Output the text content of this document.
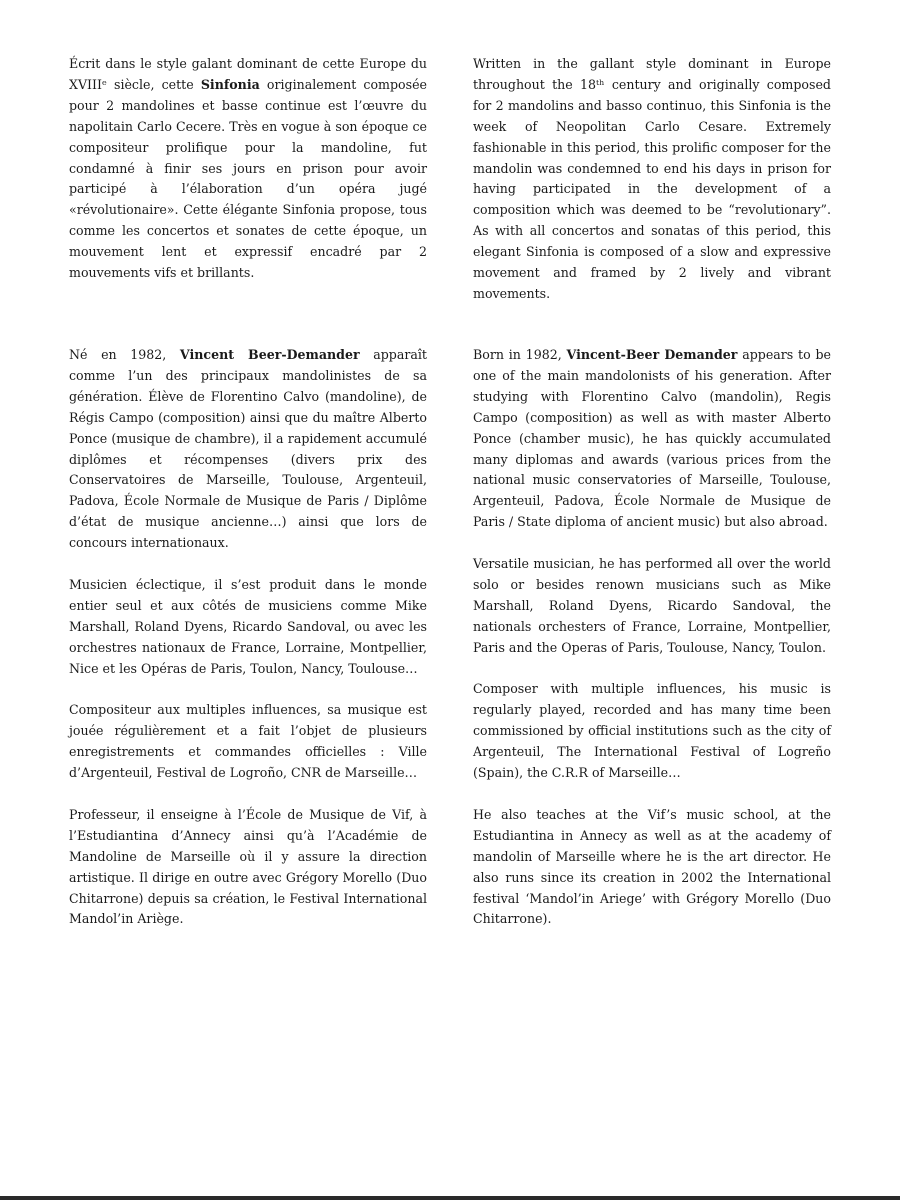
Écrit dans le style galant dominant de cette Europe du XVIIIᵉ siècle, cette Sinfonia originalement composée pour 2 mandolines et basse continue est l’œuvre du napolitain Carlo Cecere. Très en vogue à son époque ce compositeur prolifique pour la mandoline, fut condamné à finir ses jours en prison pour avoir participé à l’élaboration d’un opéra jugé «révolutionaire». Cette élégante Sinfonia propose, tous comme les concertos et sonates de cette époque, un mouvement lent et expressif encadré par 2 mouvements vifs et brillants.

Né en 1982, Vincent Beer-Demander apparaît comme l’un des principaux mandolinistes de sa génération. Élève de Florentino Calvo (mandoline), de Régis Campo (composition) ainsi que du maître Alberto Ponce (musique de chambre), il a rapidement accumulé diplômes et récompenses (divers prix des Conservatoires de Marseille, Toulouse, Argenteuil, Padova, École Normale de Musique de Paris / Diplôme d’état de musique ancienne…) ainsi que lors de concours internationaux.

Musicien éclectique, il s’est produit dans le monde entier seul et aux côtés de musiciens comme Mike Marshall, Roland Dyens, Ricardo Sandoval, ou avec les orchestres nationaux de France, Lorraine, Montpellier, Nice et les Opéras de Paris, Toulon, Nancy, Toulouse…

Compositeur aux multiples influences, sa musique est jouée régulièrement et a fait l’objet de plusieurs enregistrements et commandes officielles : Ville d’Argenteuil, Festival de Logroño, CNR de Marseille…

Professeur, il enseigne à l’École de Musique de Vif, à l’Estudiantina d’Annecy ainsi qu’à l’Académie de Mandoline de Marseille où il y assure la direction artistique. Il dirige en outre avec Grégory Morello (Duo Chitarrone) depuis sa création, le Festival International Mandol’in Ariège.

Written in the gallant style dominant in Europe throughout the 18ᵗʰ century and originally composed for 2 mandolins and basso continuo, this Sinfonia is the week of Neopolitan Carlo Cesare. Extremely fashionable in this period, this prolific composer for the mandolin was condemned to end his days in prison for having participated in the development of a composition which was deemed to be “revolutionary”. As with all concertos and sonatas of this period, this elegant Sinfonia is composed of a slow and expressive movement and framed by 2 lively and vibrant movements.

Born in 1982, Vincent-Beer Demander appears to be one of the main mandolonists of his generation. After studying with Florentino Calvo (mandolin), Regis Campo (composition) as well as with master Alberto Ponce (chamber music), he has quickly accumulated many diplomas and awards (various prices from the national music conservatories of Marseille, Toulouse, Argenteuil, Padova, École Normale de Musique de Paris / State diploma of ancient music) but also abroad.

Versatile musician, he has performed all over the world solo or besides renown musicians such as Mike Marshall, Roland Dyens, Ricardo Sandoval, the nationals orchesters of France, Lorraine, Montpellier, Paris and the Operas of Paris, Toulouse, Nancy, Toulon.

Composer with multiple influences, his music is regularly played, recorded and has many time been commissioned by official institutions such as the city of Argenteuil, The International Festival of Logreño (Spain), the C.R.R of Marseille…

He also teaches at the Vif’s music school, at the Estudiantina in Annecy as well as at the academy of mandolin of Marseille where he is the art director. He also runs since its creation in 2002 the International festival ‘Mandol’in Ariege’ with Grégory Morello (Duo Chitarrone).
